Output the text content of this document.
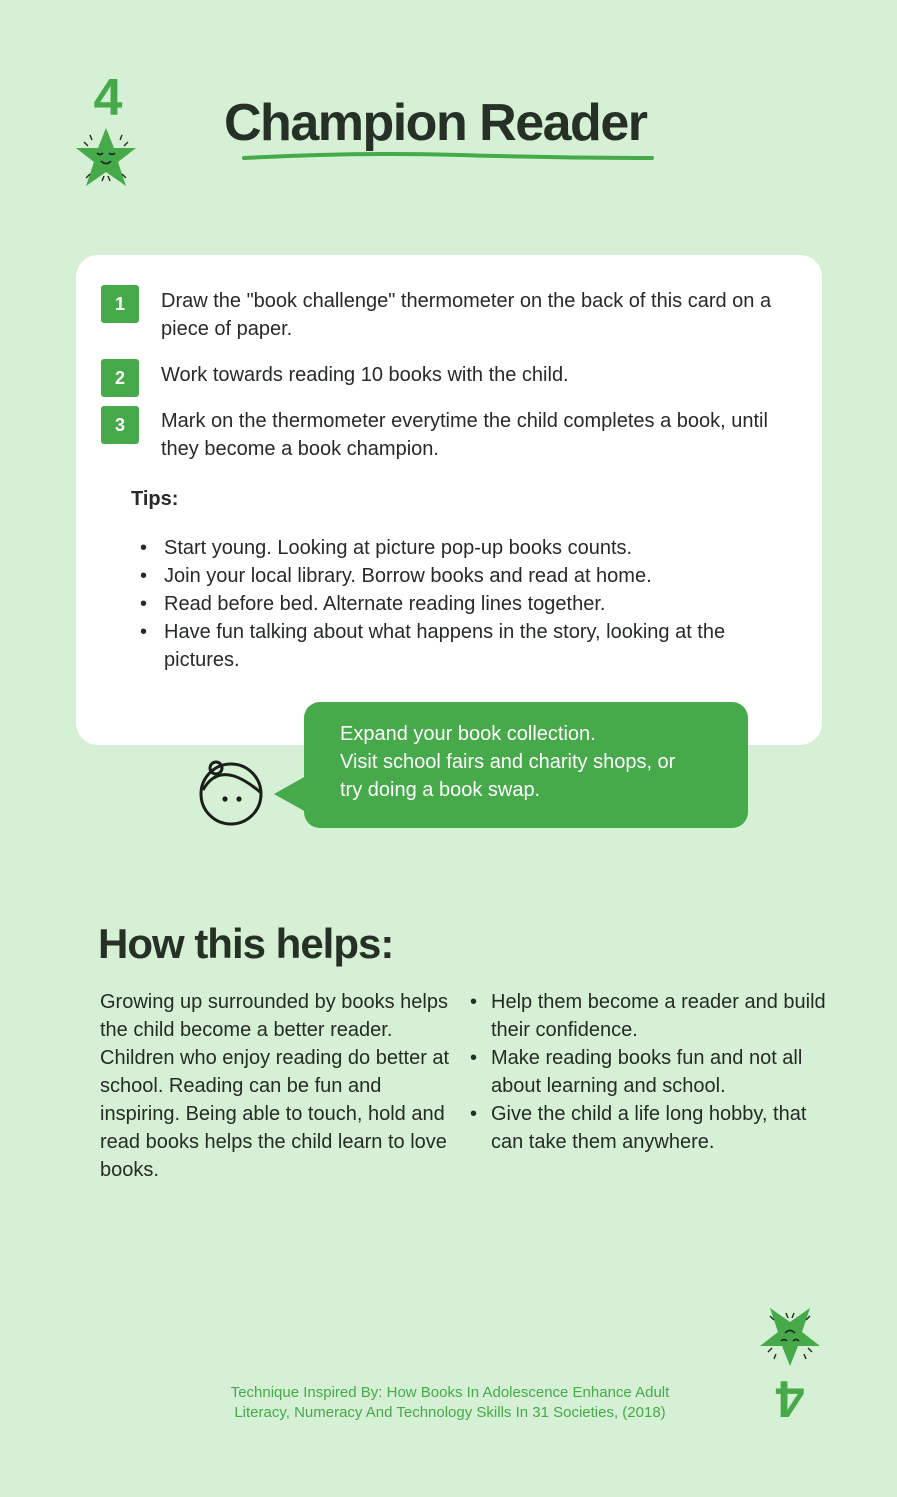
4 Champion Reader
1	Draw the "book challenge" thermometer on the back of this card on a piece of paper.
2	Work towards reading 10 books with the child.
3	Mark on the thermometer everytime the child completes a book, until they become a book champion.
Tips:
• Start young. Looking at picture pop-up books counts.
• Join your local library. Borrow books and read at home.
• Read before bed. Alternate reading lines together.
• Have fun talking about what happens in the story, looking at the pictures.
Expand your book collection.
Visit school fairs and charity shops, or
try doing a book swap.
How this helps:
Growing up surrounded by books helps the child become a better reader. Children who enjoy reading do better at school. Reading can be fun and inspiring. Being able to touch, hold and read books helps the child learn to love books.
• Help them become a reader and build their confidence.
• Make reading books fun and not all about learning and school.
• Give the child a life long hobby, that can take them anywhere.
Technique Inspired By: How Books In Adolescence Enhance Adult
Literacy, Numeracy And Technology Skills In 31 Societies, (2018)	4
